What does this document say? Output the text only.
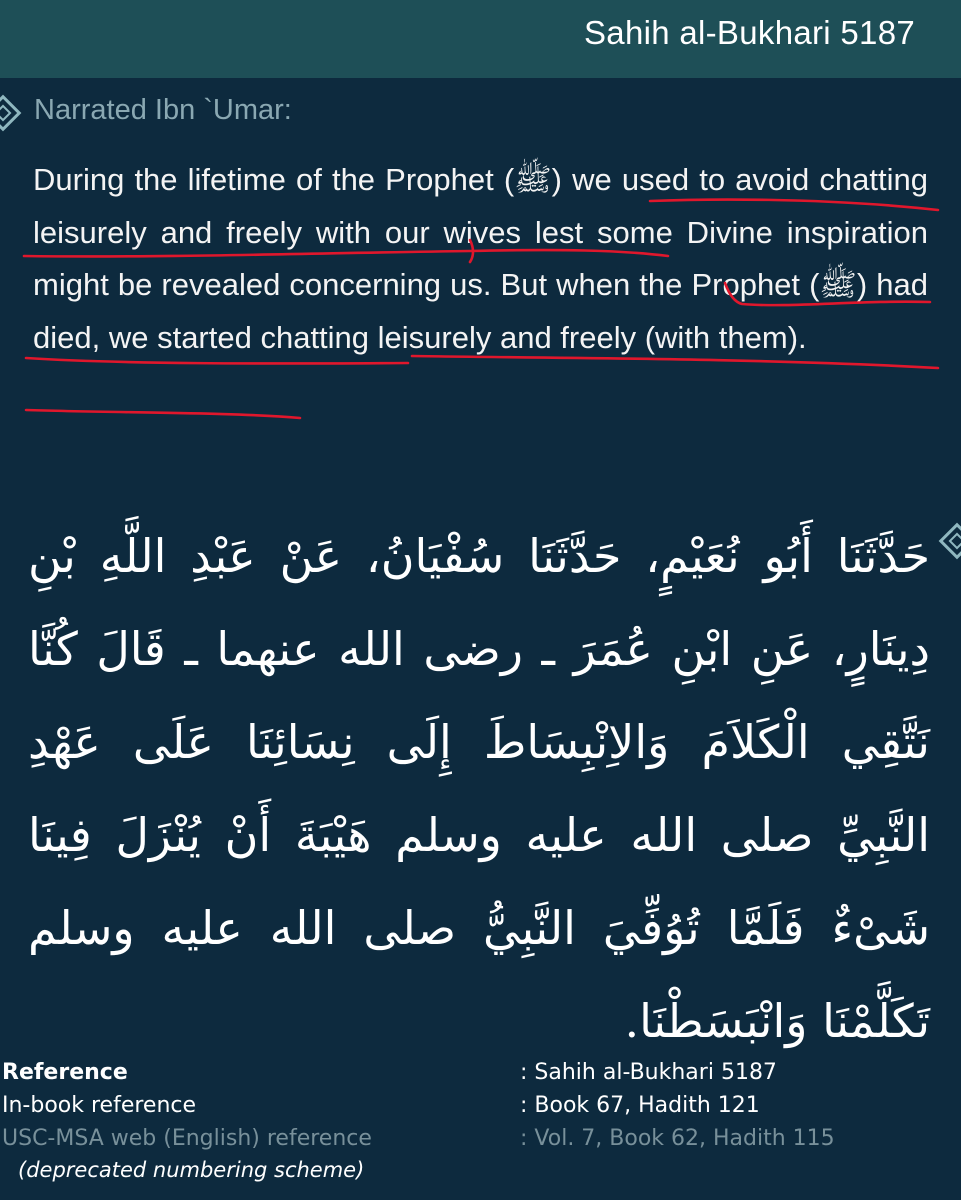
Sahih al-Bukhari 5187
Narrated Ibn `Umar:
During the lifetime of the Prophet (ﷺ) we used to avoid chatting leisurely and freely with our wives lest some Divine inspiration might be revealed concerning us. But when the Prophet (ﷺ) had died, we started chatting leisurely and freely (with them).
حَدَّثَنَا أَبُو نُعَيْمٍ، حَدَّثَنَا سُفْيَانُ، عَنْ عَبْدِ اللَّهِ بْنِ دِينَارٍ، عَنِ ابْنِ عُمَرَ ـ رضى الله عنهما ـ قَالَ كُنَّا نَتَّقِي الْكَلاَمَ وَالاِنْبِسَاطَ إِلَى نِسَائِنَا عَلَى عَهْدِ النَّبِيِّ صلى الله عليه وسلم هَيْبَةَ أَنْ يُنْزَلَ فِينَا شَىْءٌ فَلَمَّا تُوُفِّيَ النَّبِيُّ صلى الله عليه وسلم تَكَلَّمْنَا وَانْبَسَطْنَا.
Reference	: Sahih al-Bukhari 5187
In-book reference	: Book 67, Hadith 121
USC-MSA web (English) reference	: Vol. 7, Book 62, Hadith 115
(deprecated numbering scheme)
